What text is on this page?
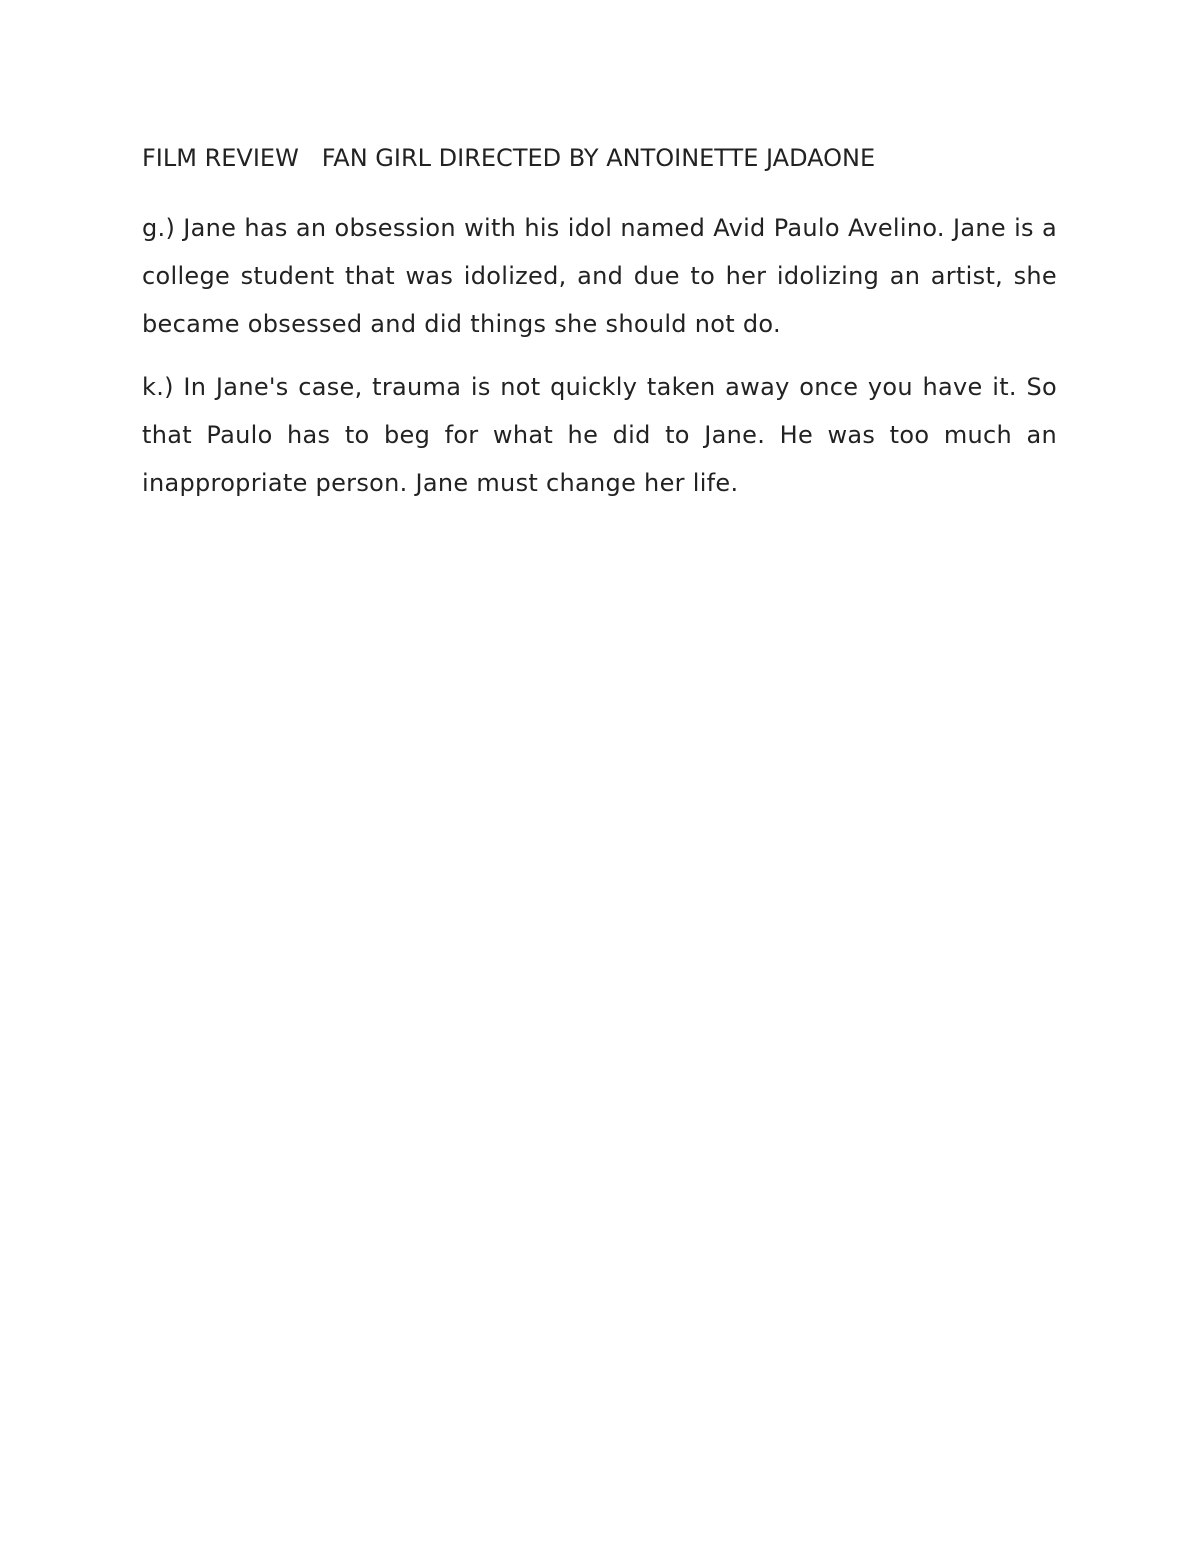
FILM REVIEW   FAN GIRL DIRECTED BY ANTOINETTE JADAONE

g.) Jane has an obsession with his idol named Avid Paulo Avelino. Jane is a college student that was idolized, and due to her idolizing an artist, she became obsessed and did things she should not do.

k.) In Jane's case, trauma is not quickly taken away once you have it. So that Paulo has to beg for what he did to Jane. He was too much an inappropriate person. Jane must change her life.
